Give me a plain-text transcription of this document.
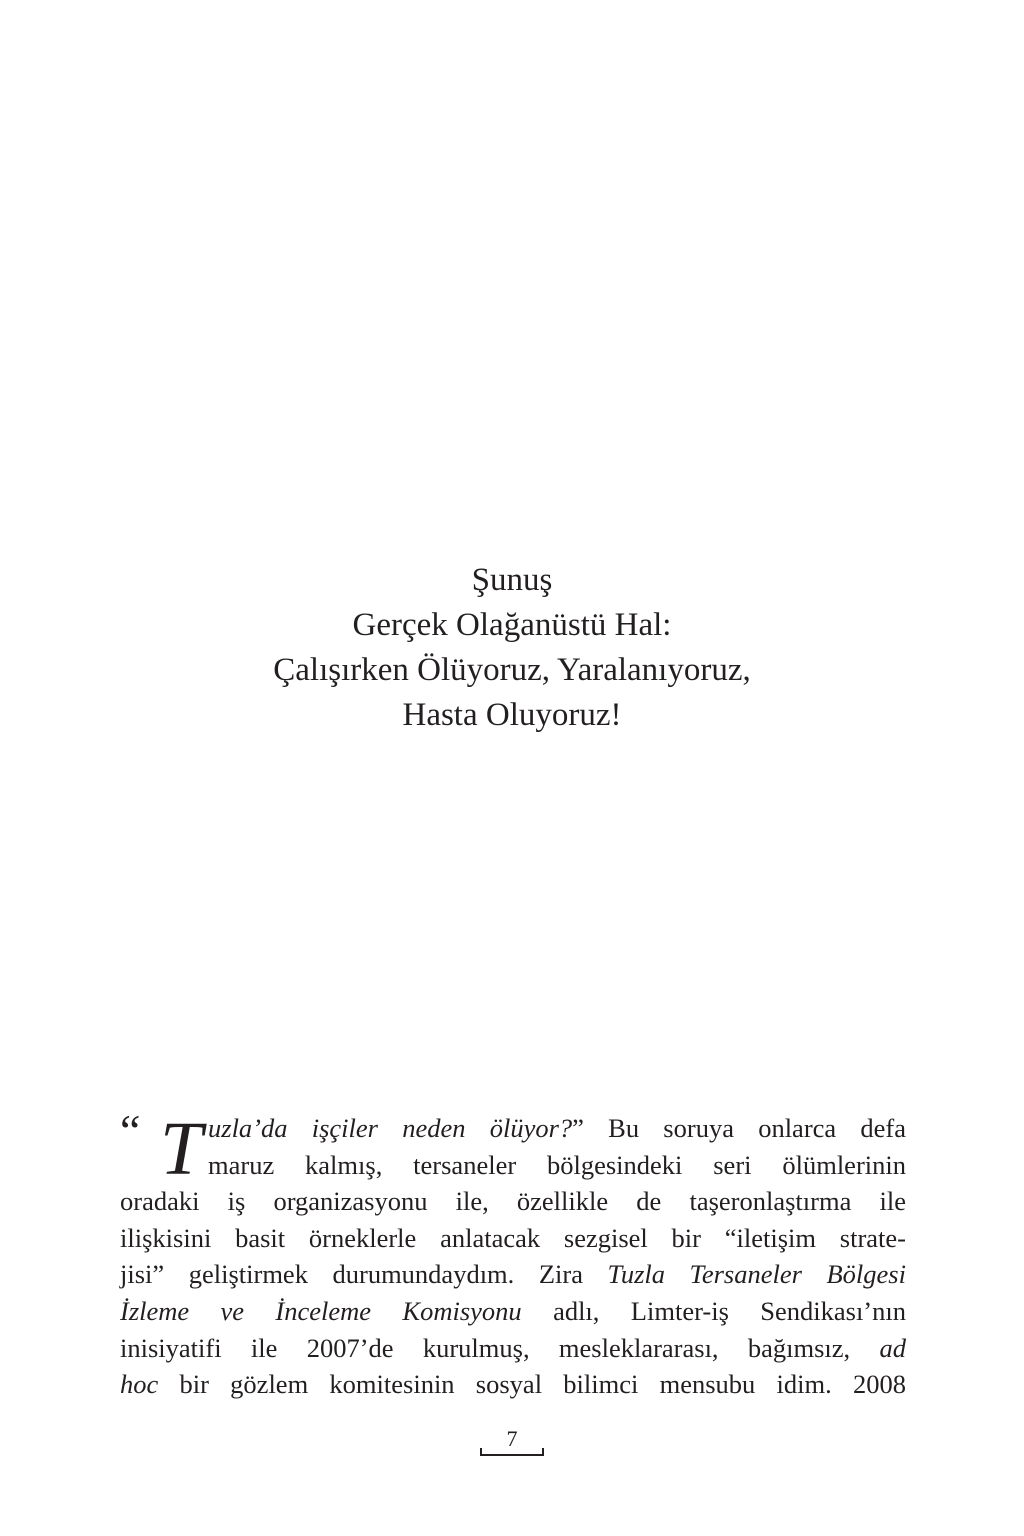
Şunuş
Gerçek Olağanüstü Hal:
Çalışırken Ölüyoruz, Yaralanıyoruz,
Hasta Oluyoruz!
“ T uzla’da işçiler neden ölüyor?” Bu soruya onlarca defa
maruz kalmış, tersaneler bölgesindeki seri ölümlerinin
oradaki iş organizasyonu ile, özellikle de taşeronlaştırma ile
ilişkisini basit örneklerle anlatacak sezgisel bir “iletişim strate-
jisi” geliştirmek durumundaydım. Zira Tuzla Tersaneler Bölgesi
İzleme ve İnceleme Komisyonu adlı, Limter-iş Sendikası’nın
inisiyatifi ile 2007’de kurulmuş, mesleklararası, bağımsız, ad
hoc bir gözlem komitesinin sosyal bilimci mensubu idim. 2008
7
